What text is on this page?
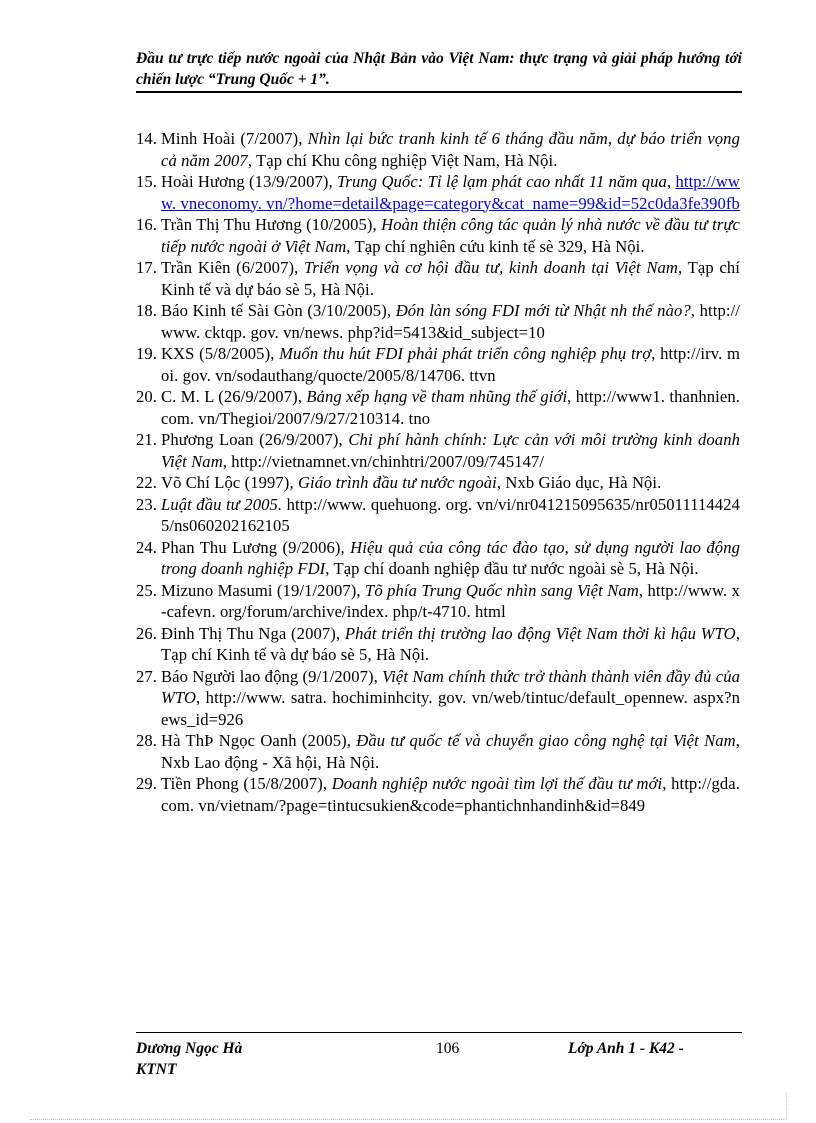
Đầu tư trực tiếp nước ngoài của Nhật Bản vào Việt Nam: thực trạng và giải pháp hướng tới chiến lược “Trung Quốc + 1”.
14. Minh Hoài (7/2007), Nhìn lại bức tranh kinh tế 6 tháng đầu năm, dự báo triển vọng cả năm 2007, Tạp chí Khu công nghiệp Việt Nam, Hà Nội.
15. Hoài Hương (13/9/2007), Trung Quốc: Tỉ lệ lạm phát cao nhất 11 năm qua, http://www. vneconomy. vn/?home=detail&page=category&cat_name=99&id=52c0da3fe390fb
16. Trần Thị Thu Hương (10/2005), Hoàn thiện công tác quản lý nhà nước về đầu tư trực tiếp nước ngoài ở Việt Nam, Tạp chí nghiên cứu kinh tế sè 329, Hà Nội.
17. Trần Kiên (6/2007), Triển vọng và cơ hội đầu tư, kinh doanh tại Việt Nam, Tạp chí Kinh tế và dự báo sè 5, Hà Nội.
18. Báo Kinh tế Sài Gòn (3/10/2005), Đón làn sóng FDI mới từ Nhật nh thế nào?, http://www. cktqp. gov. vn/news. php?id=5413&id_subject=10
19. KXS (5/8/2005), Muốn thu hút FDI phải phát triển công nghiệp phụ trợ, http://irv. moi. gov. vn/sodauthang/quocte/2005/8/14706. ttvn
20. C. M. L (26/9/2007), Bảng xếp hạng về tham nhũng thế giới, http://www1. thanhnien. com. vn/Thegioi/2007/9/27/210314. tno
21. Phương Loan (26/9/2007), Chi phí hành chính: Lực cản với môi trường kinh doanh Việt Nam, http://vietnamnet.vn/chinhtri/2007/09/745147/
22. Võ Chí Lộc (1997), Giáo trình đầu tư nước ngoài, Nxb Giáo dục, Hà Nội.
23. Luật đầu tư 2005. http://www. quehuong. org. vn/vi/nr041215095635/nr050111144245/ns060202162105
24. Phan Thu Lương (9/2006), Hiệu quả của công tác đào tạo, sử dụng người lao động trong doanh nghiệp FDI, Tạp chí doanh nghiệp đầu tư nước ngoài sè 5, Hà Nội.
25. Mizuno Masumi (19/1/2007), Tõ phía Trung Quốc nhìn sang Việt Nam, http://www. x-cafevn. org/forum/archive/index. php/t-4710. html
26. Đinh Thị Thu Nga (2007), Phát triển thị trường lao động Việt Nam thời kì hậu WTO, Tạp chí Kinh tế và dự báo sè 5, Hà Nội.
27. Báo Người lao động (9/1/2007), Việt Nam chính thức trở thành thành viên đầy đủ của WTO, http://www. satra. hochiminhcity. gov. vn/web/tintuc/default_opennew. aspx?news_id=926
28. Hà ThÞ Ngọc Oanh (2005), Đầu tư quốc tế và chuyển giao công nghệ tại Việt Nam, Nxb Lao động - Xã hội, Hà Nội.
29. Tiền Phong (15/8/2007), Doanh nghiệp nước ngoài tìm lợi thế đầu tư mới, http://gda. com. vn/vietnam/?page=tintucsukien&code=phantichnhandinh&id=849
Dương Ngọc Hà KTNT
106	Lớp Anh 1 - K42 -
